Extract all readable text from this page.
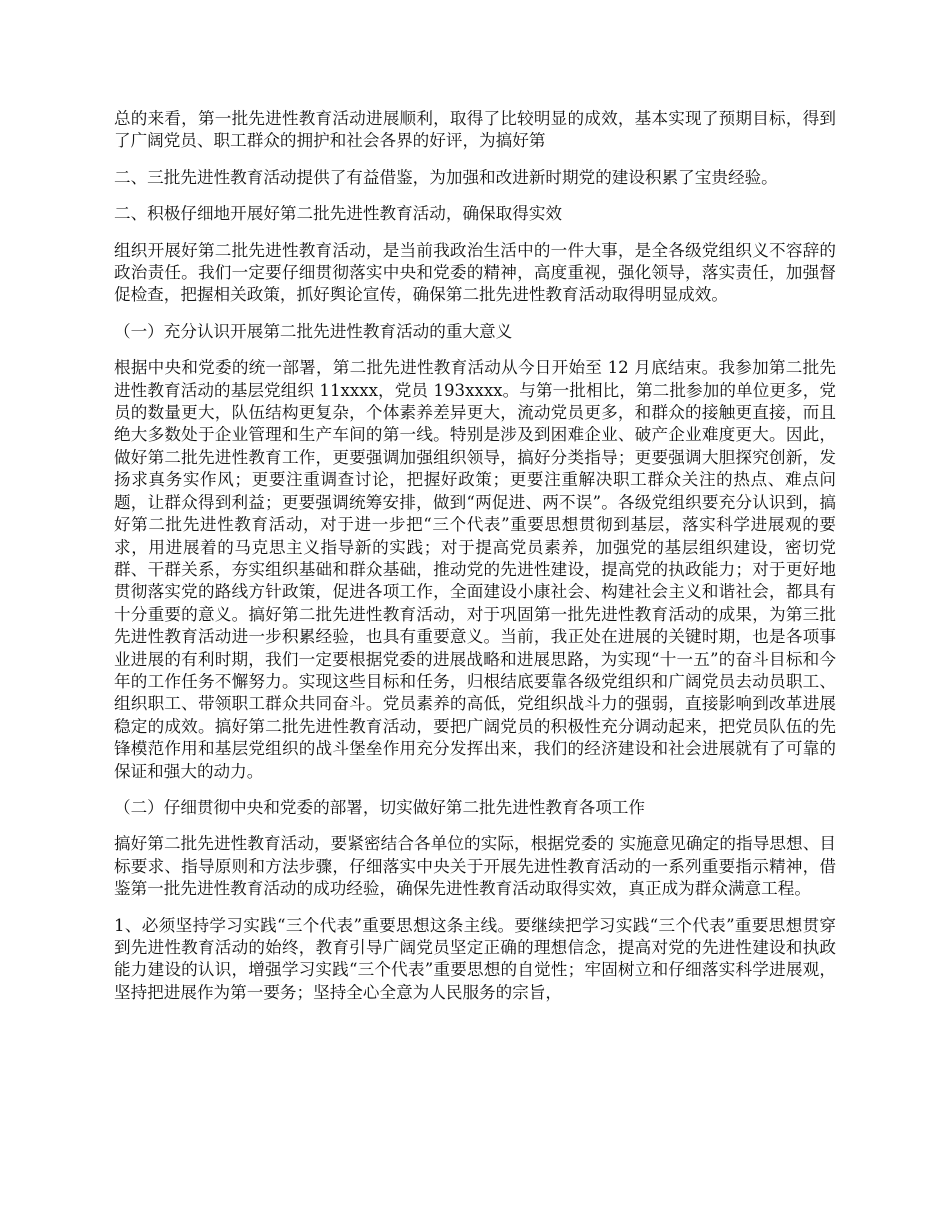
总的来看，第一批先进性教育活动进展顺利，取得了比较明显的成效，基本实现了预期目标，得到了广阔党员、职工群众的拥护和社会各界的好评，为搞好第

二、三批先进性教育活动提供了有益借鉴，为加强和改进新时期党的建设积累了宝贵经验。

二、积极仔细地开展好第二批先进性教育活动，确保取得实效

组织开展好第二批先进性教育活动，是当前我政治生活中的一件大事，是全各级党组织义不容辞的政治责任。我们一定要仔细贯彻落实中央和党委的精神，高度重视，强化领导，落实责任，加强督促检查，把握相关政策，抓好舆论宣传，确保第二批先进性教育活动取得明显成效。

（一）充分认识开展第二批先进性教育活动的重大意义

根据中央和党委的统一部署，第二批先进性教育活动从今日开始至 12 月底结束。我参加第二批先进性教育活动的基层党组织 11xxxx，党员 193xxxx。与第一批相比，第二批参加的单位更多，党员的数量更大，队伍结构更复杂，个体素养差异更大，流动党员更多，和群众的接触更直接，而且绝大多数处于企业管理和生产车间的第一线。特别是涉及到困难企业、破产企业难度更大。因此，做好第二批先进性教育工作，更要强调加强组织领导，搞好分类指导；更要强调大胆探究创新，发扬求真务实作风；更要注重调查讨论，把握好政策；更要注重解决职工群众关注的热点、难点问题，让群众得到利益；更要强调统筹安排，做到“两促进、两不误”。各级党组织要充分认识到，搞好第二批先进性教育活动，对于进一步把“三个代表”重要思想贯彻到基层，落实科学进展观的要求，用进展着的马克思主义指导新的实践；对于提高党员素养，加强党的基层组织建设，密切党群、干群关系，夯实组织基础和群众基础，推动党的先进性建设，提高党的执政能力；对于更好地贯彻落实党的路线方针政策，促进各项工作，全面建设小康社会、构建社会主义和谐社会，都具有十分重要的意义。搞好第二批先进性教育活动，对于巩固第一批先进性教育活动的成果，为第三批先进性教育活动进一步积累经验，也具有重要意义。当前，我正处在进展的关键时期，也是各项事业进展的有利时期，我们一定要根据党委的进展战略和进展思路，为实现“十一五”的奋斗目标和今年的工作任务不懈努力。实现这些目标和任务，归根结底要靠各级党组织和广阔党员去动员职工、组织职工、带领职工群众共同奋斗。党员素养的高低，党组织战斗力的强弱，直接影响到改革进展稳定的成效。搞好第二批先进性教育活动，要把广阔党员的积极性充分调动起来，把党员队伍的先锋模范作用和基层党组织的战斗堡垒作用充分发挥出来，我们的经济建设和社会进展就有了可靠的保证和强大的动力。

（二）仔细贯彻中央和党委的部署，切实做好第二批先进性教育各项工作

搞好第二批先进性教育活动，要紧密结合各单位的实际，根据党委的 实施意见确定的指导思想、目标要求、指导原则和方法步骤，仔细落实中央关于开展先进性教育活动的一系列重要指示精神，借鉴第一批先进性教育活动的成功经验，确保先进性教育活动取得实效，真正成为群众满意工程。

1、必须坚持学习实践“三个代表”重要思想这条主线。要继续把学习实践“三个代表”重要思想贯穿到先进性教育活动的始终，教育引导广阔党员坚定正确的理想信念，提高对党的先进性建设和执政能力建设的认识，增强学习实践“三个代表”重要思想的自觉性；牢固树立和仔细落实科学进展观，坚持把进展作为第一要务；坚持全心全意为人民服务的宗旨，
